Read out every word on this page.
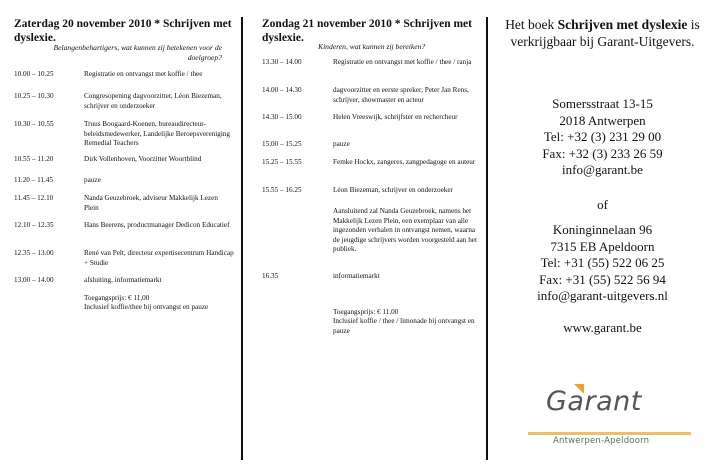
Zaterdag 20 november 2010 * Schrijven met dyslexie.
Belangenbehartigers, wat kunnen zij betekenen voor de doelgroep?
10.00 – 10.25	Registratie en ontvangst met koffie / thee
10.25 – 10.30	Congresopening dagvoorzitter, Léon Biezeman, schrijver en onderzoeker
10.30 – 10.55	Truus Boogaard-Koenen, bureaudirecteur-beleidsmedewerker, Landelijke Beroepsvereniging Remedial Teachers
10.55 – 11.20	Dirk Vollenhoven, Voorzitter Woortblind
11.20 – 11.45	pauze
11.45 – 12.10	Nanda Geuzebroek, adviseur Makkelijk Lezen Plein
12.10 – 12.35	Hans Beerens, productmanager Dedicon Educatief
12.35 – 13.00	René van Pelt, directeur expertisecentrum Handicap + Studie
13.00 – 14.00	afsluiting, informatiemarkt
Toegangsprijs: € 11,00
Inclusief koffie/thee bij ontvangst en pauze
Zondag 21 november 2010 * Schrijven met dyslexie.
Kinderen, wat kunnen zij bereiken?
13.30 – 14.00	Registratie en ontvangst met koffie / thee / ranja
14.00 – 14.30	dagvoorzitter en eerste spreker, Peter Jan Rens, schrijver, showmaster en acteur
14.30 – 15.00	Helen Vreeswijk, schrijfster en rechercheur
15.00 – 15.25	pauze
15.25 – 15.55	Femke Hockx, zangeres, zangpedagoge en auteur
15.55 – 16.25	Léon Biezeman, schrijver en onderzoeker
Aansluitend zal Nanda Geuzebroek, namens het Makkelijk Lezen Plein, een exemplaar van alle ingezonden verhalen in ontvangst nemen, waarna de jeugdige schrijvers worden voorgesteld aan het publiek.
16.35	informatiemarkt
Toegangsprijs: € 11,00
Inclusief koffie / thee / limonade bij ontvangst en pauze
Het boek Schrijven met dyslexie is verkrijgbaar bij Garant-Uitgevers.
Somersstraat 13-15
2018 Antwerpen
Tel: +32 (3) 231 29 00
Fax: +32 (3) 233 26 59
info@garant.be
of
Koninginnelaan 96
7315 EB Apeldoorn
Tel: +31 (55) 522 06 25
Fax: +31 (55) 522 56 94
info@garant-uitgevers.nl
www.garant.be
Garant
Antwerpen-Apeldoorn
